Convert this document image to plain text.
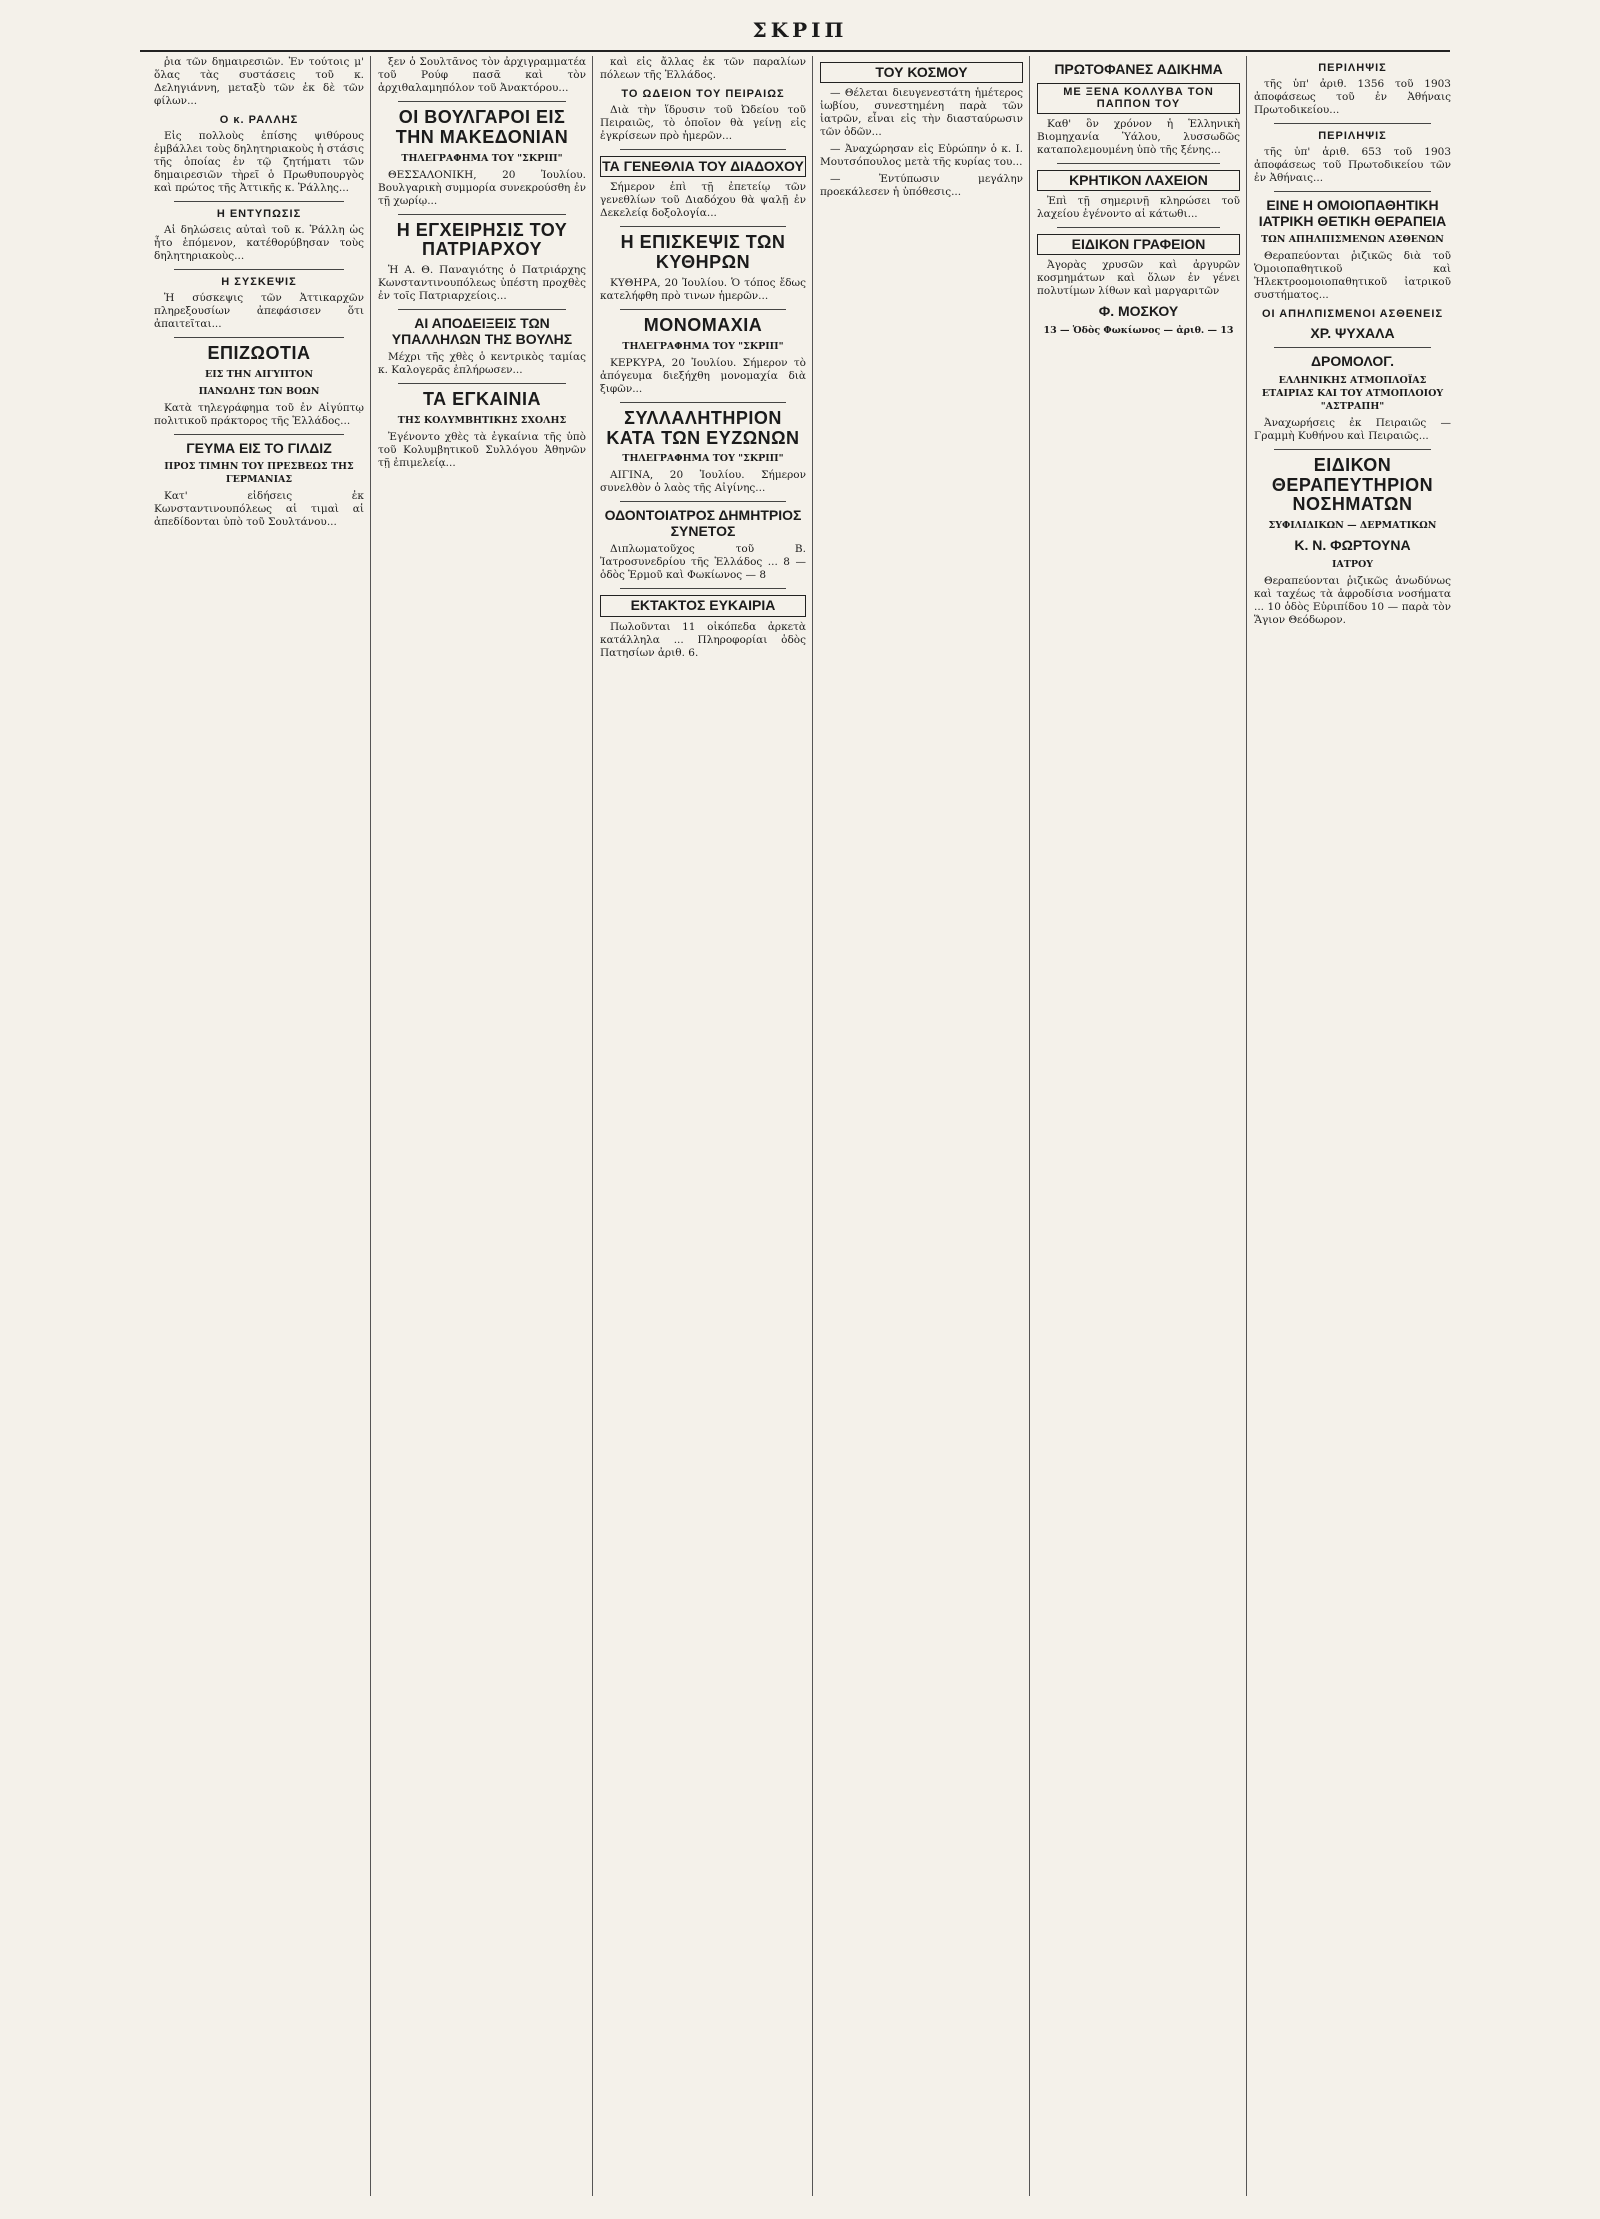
ΣΚΡΙΠ

ῥια τῶν δημαιρεσιῶν. Ἐν τούτοις μ' ὅλας τὰς συστάσεις τοῦ κ. Δεληγιάννη, μεταξὺ τῶν ἐκ δὲ τῶν φίλων...

Ο κ. ΡΑΛΛΗΣ

Εἰς πολλοὺς ἐπίσης ψιθύρους ἐμβάλλει τοὺς δηλητηριακοὺς ἡ στάσις τῆς ὁποίας ἐν τῷ ζητήματι τῶν δημαιρεσιῶν τὴρεῖ ὁ Πρωθυπουργὸς καὶ πρώτος τῆς Ἀττικῆς κ. Ῥάλλης...

Η ΕΝΤΥΠΩΣΙΣ

Αἱ δηλώσεις αὐταὶ τοῦ κ. Ῥάλλη ὡς ἦτο ἑπόμενον, κατέθορύβησαν τοὺς δηλητηριακοὺς...

Η ΣΥΣΚΕΨΙΣ

Ἡ σύσκεψις τῶν Ἀττικαρχῶν πληρεξουσίων ἀπεφάσισεν ὅτι ἀπαιτεῖται...

ΕΠΙΖΩΟΤΙΑ
ΕΙΣ ΤΗΝ ΑΙΓΥΠΤΟΝ
ΠΑΝΩΛΗΣ ΤΩΝ ΒΟΩΝ

Κατὰ τηλεγράφημα τοῦ ἐν Αἰγύπτῳ πολιτικοῦ πράκτορος τῆς Ἑλλάδος...

ΓΕΥΜΑ ΕΙΣ ΤΟ ΓΙΛΔΙΖ
ΠΡΟΣ ΤΙΜΗΝ ΤΟΥ ΠΡΕΣΒΕΩΣ ΤΗΣ ΓΕΡΜΑΝΙΑΣ

Κατ' εἰδήσεις ἐκ Κωνσταντινουπόλεως αἱ τιμαὶ αἱ ἀπεδίδονται ὑπὸ τοῦ Σουλτάνου...

ξεν ὁ Σουλτᾶνος τὸν ἀρχιγραμματέα τοῦ Ρούφ πασᾶ καὶ τὸν ἀρχιθαλαμηπόλον τοῦ Ἀνακτόρου...

ΟΙ ΒΟΥΛΓΑΡΟΙ ΕΙΣ ΤΗΝ ΜΑΚΕΔΟΝΙΑΝ
ΤΗΛΕΓΡΑΦΗΜΑ ΤΟΥ "ΣΚΡΙΠ"

ΘΕΣΣΑΛΟΝΙΚΗ, 20 Ἰουλίου. Βουλγαρικὴ συμμορία συνεκρούσθη ἐν τῇ χωρίῳ...

Η ΕΓΧΕΙΡΗΣΙΣ ΤΟΥ ΠΑΤΡΙΑΡΧΟΥ

Ἡ Α. Θ. Παναγιότης ὁ Πατριάρχης Κωνσταντινουπόλεως ὑπέστη προχθὲς ἐν τοῖς Πατριαρχείοις...

ΑΙ ΑΠΟΔΕΙΞΕΙΣ ΤΩΝ ΥΠΑΛΛΗΛΩΝ ΤΗΣ ΒΟΥΛΗΣ

Μέχρι τῆς χθὲς ὁ κεντρικὸς ταμίας κ. Καλογερᾶς ἐπλήρωσεν...

ΤΑ ΕΓΚΑΙΝΙΑ
ΤΗΣ ΚΟΛΥΜΒΗΤΙΚΗΣ ΣΧΟΛΗΣ

Ἐγένοντο χθὲς τὰ ἐγκαίνια τῆς ὑπὸ τοῦ Κολυμβητικοῦ Συλλόγου Ἀθηνῶν τῇ ἐπιμελείᾳ...

καὶ εἰς ἄλλας ἐκ τῶν παραλίων πόλεων τῆς Ἑλλάδος.

ΤΟ ΩΔΕΙΟΝ ΤΟΥ ΠΕΙΡΑΙΩΣ

Διὰ τὴν ἵδρυσιν τοῦ Ὠδείου τοῦ Πειραιῶς, τὸ ὁποῖον θὰ γείνῃ εἰς ἐγκρίσεων πρὸ ἡμερῶν...

ΤΑ ΓΕΝΕΘΛΙΑ ΤΟΥ ΔΙΑΔΟΧΟΥ

Σήμερον ἐπὶ τῇ ἐπετείῳ τῶν γενεθλίων τοῦ Διαδόχου θὰ ψαλῇ ἐν Δεκελείᾳ δοξολογία...

Η ΕΠΙΣΚΕΨΙΣ ΤΩΝ ΚΥΘΗΡΩΝ

ΚΥΘΗΡΑ, 20 Ἰουλίου. Ὁ τόπος ἔδως κατελήφθη πρὸ τινων ἡμερῶν...

ΜΟΝΟΜΑΧΙΑ
ΤΗΛΕΓΡΑΦΗΜΑ ΤΟΥ "ΣΚΡΙΠ"

ΚΕΡΚΥΡΑ, 20 Ἰουλίου. Σήμερον τὸ ἀπόγευμα διεξήχθη μονομαχία διὰ ξιφῶν...

ΣΥΛΛΑΛΗΤΗΡΙΟΝ ΚΑΤΑ ΤΩΝ ΕΥΖΩΝΩΝ
ΤΗΛΕΓΡΑΦΗΜΑ ΤΟΥ "ΣΚΡΙΠ"

ΑΙΓΙΝΑ, 20 Ἰουλίου. Σήμερον συνελθὸν ὁ λαὸς τῆς Αἰγίνης...

ΟΔΟΝΤΟΙΑΤΡΟΣ ΔΗΜΗΤΡΙΟΣ ΣΥΝΕΤΟΣ

Διπλωματοῦχος τοῦ Β. Ἰατροσυνεδρίου τῆς Ἑλλάδος ... 8 — ὁδὸς Ἑρμοῦ καὶ Φωκίωνος — 8

ΕΚΤΑΚΤΟΣ ΕΥΚΑΙΡΙΑ

Πωλοῦνται 11 οἰκόπεδα ἀρκετὰ κατάλληλα ... Πληροφορίαι ὁδὸς Πατησίων ἀριθ. 6.

ΤΟΥ ΚΟΣΜΟΥ

— Θέλεται διευγενεστάτη ἡμέτερος ἰωβίου, συνεστημένη παρὰ τῶν ἰατρῶν, εἶναι εἰς τὴν διασταύρωσιν τῶν ὁδῶν...

— Ἀναχώρησαν εἰς Εὐρώπην ὁ κ. Ι. Μουτσόπουλος μετὰ τῆς κυρίας του...

— Ἐντύπωσιν μεγάλην προεκάλεσεν ἡ ὑπόθεσις...

ΠΡΩΤΟΦΑΝΕΣ ΑΔΙΚΗΜΑ
ΜΕ ΞΕΝΑ ΚΟΛΛΥΒΑ ΤΟΝ ΠΑΠΠΟΝ ΤΟΥ

Καθ' ὃν χρόνον ἡ Ἑλληνικὴ Βιομηχανία Ὑάλου, λυσσωδῶς καταπολεμουμένη ὑπὸ τῆς ξένης...

ΚΡΗΤΙΚΟΝ ΛΑΧΕΙΟΝ

Ἐπὶ τῇ σημερινῇ κληρώσει τοῦ λαχείου ἐγένοντο αἱ κάτωθι...

ΕΙΔΙΚΟΝ ΓΡΑΦΕΙΟΝ

Ἀγορὰς χρυσῶν καὶ ἀργυρῶν κοσμημάτων καὶ ὅλων ἐν γένει πολυτίμων λίθων καὶ μαργαριτῶν

Φ. ΜΟΣΚΟΥ
13 — Ὁδὸς Φωκίωνος — ἀριθ. — 13
ΠΕΡΙΛΗΨΙΣ

τῆς ὑπ' ἀριθ. 1356 τοῦ 1903 ἀποφάσεως τοῦ ἐν Ἀθήναις Πρωτοδικείου...

ΠΕΡΙΛΗΨΙΣ

τῆς ὑπ' ἀριθ. 653 τοῦ 1903 ἀποφάσεως τοῦ Πρωτοδικείου τῶν ἐν Ἀθήναις...

ΕΙΝΕ Η ΟΜΟΙΟΠΑΘΗΤΙΚΗ ΙΑΤΡΙΚΗ ΘΕΤΙΚΗ ΘΕΡΑΠΕΙΑ
ΤΩΝ ΑΠΗΛΠΙΣΜΕΝΩΝ ΑΣΘΕΝΩΝ

Θεραπεύονται ῥιζικῶς διὰ τοῦ Ὁμοιοπαθητικοῦ καὶ Ἠλεκτροομοιοπαθητικοῦ ἰατρικοῦ συστήματος...

ΟΙ ΑΠΗΛΠΙΣΜΕΝΟΙ ΑΣΘΕΝΕΙΣ
ΧΡ. ΨΥΧΑΛΑ
ΔΡΟΜΟΛΟΓ.
ΕΛΛΗΝΙΚΗΣ ΑΤΜΟΠΛΟΪΑΣ ΕΤΑΙΡΙΑΣ ΚΑΙ ΤΟΥ ΑΤΜΟΠΛΟΙΟΥ "ΑΣΤΡΑΠΗ"

Ἀναχωρήσεις ἐκ Πειραιῶς — Γραμμὴ Κυθήνου καὶ Πειραιῶς...

ΕΙΔΙΚΟΝ ΘΕΡΑΠΕΥΤΗΡΙΟΝ ΝΟΣΗΜΑΤΩΝ
ΣΥΦΙΛΙΔΙΚΩΝ — ΔΕΡΜΑΤΙΚΩΝ
Κ. Ν. ΦΩΡΤΟΥΝΑ
ΙΑΤΡΟΥ

Θεραπεύονται ῥιζικῶς ἀνωδύνως καὶ ταχέως τὰ ἀφροδίσια νοσήματα ... 10 ὁδὸς Εὐριπίδου 10 — παρὰ τὸν Ἅγιον Θεόδωρον.
